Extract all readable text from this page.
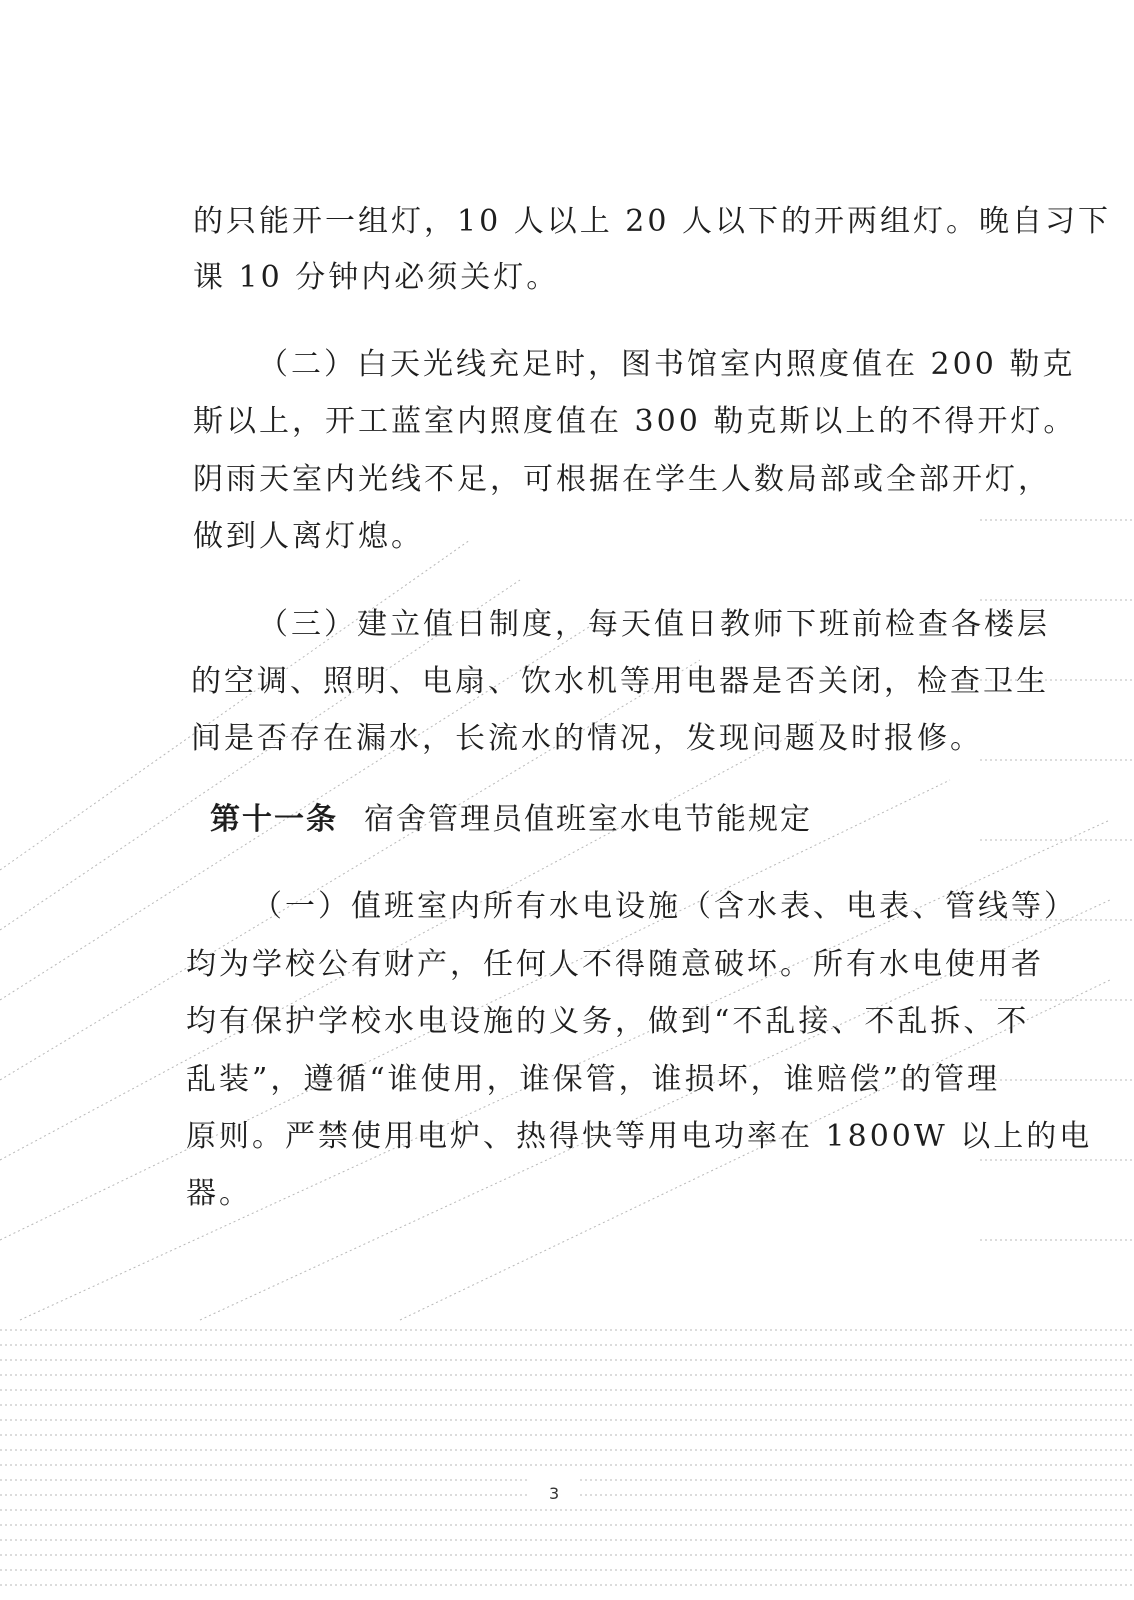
的只能开一组灯，10 人以上 20 人以下的开两组灯。晚自习下
课 10 分钟内必须关灯。
（二）白天光线充足时，图书馆室内照度值在 200 勒克
斯以上，开工蓝室内照度值在 300 勒克斯以上的不得开灯。
阴雨天室内光线不足，可根据在学生人数局部或全部开灯，
做到人离灯熄。
（三）建立值日制度，每天值日教师下班前检查各楼层
的空调、照明、电扇、饮水机等用电器是否关闭，检查卫生
间是否存在漏水，长流水的情况，发现问题及时报修。
第十一条 宿舍管理员值班室水电节能规定
（一）值班室内所有水电设施（含水表、电表、管线等）
均为学校公有财产，任何人不得随意破坏。所有水电使用者
均有保护学校水电设施的义务，做到“不乱接、不乱拆、不
乱装”，遵循“谁使用，谁保管，谁损坏，谁赔偿”的管理
原则。严禁使用电炉、热得快等用电功率在 1800W 以上的电
器。
3
